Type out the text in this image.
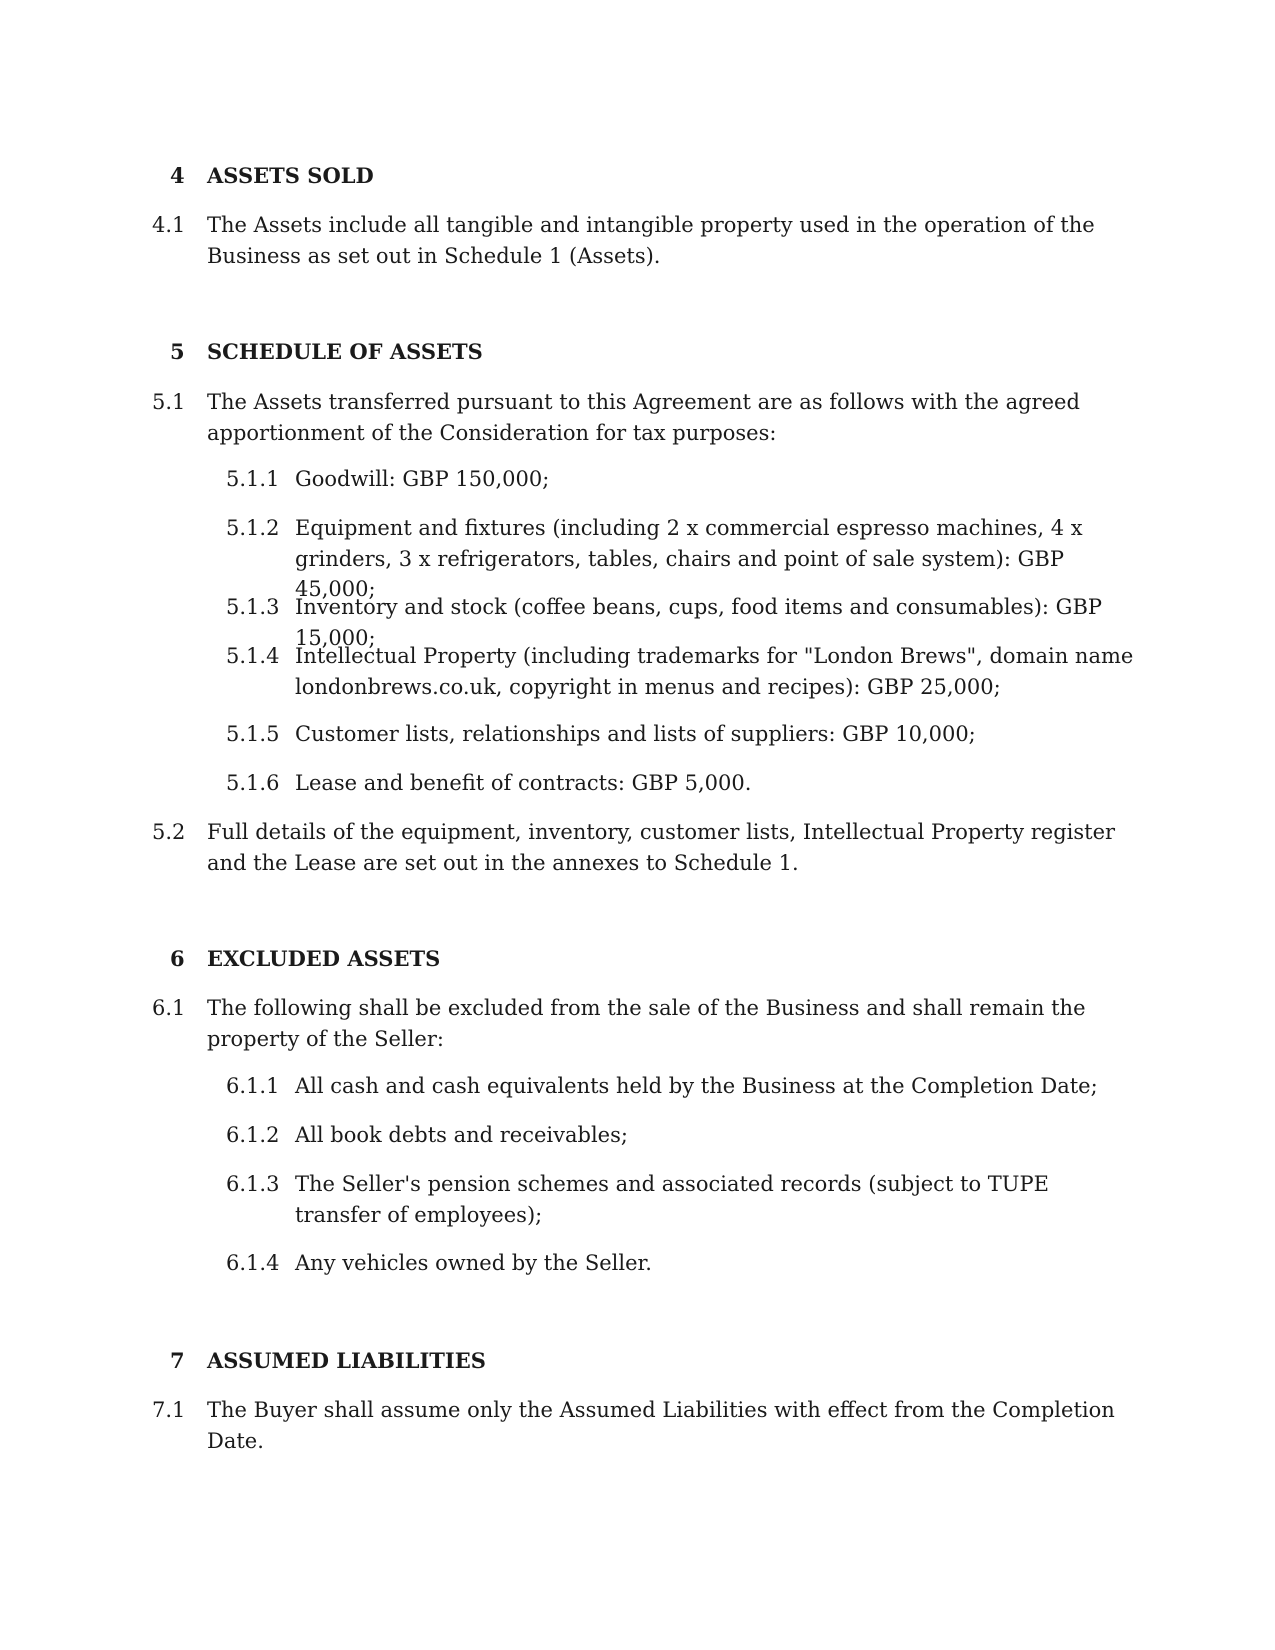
4 ASSETS SOLD
4.1 The Assets include all tangible and intangible property used in the operation of the Business as set out in Schedule 1 (Assets).
5 SCHEDULE OF ASSETS
5.1 The Assets transferred pursuant to this Agreement are as follows with the agreed apportionment of the Consideration for tax purposes:
5.1.1 Goodwill: GBP 150,000;
5.1.2 Equipment and fixtures (including 2 x commercial espresso machines, 4 x grinders, 3 x refrigerators, tables, chairs and point of sale system): GBP 45,000;
5.1.3 Inventory and stock (coffee beans, cups, food items and consumables): GBP 15,000;
5.1.4 Intellectual Property (including trademarks for "London Brews", domain name londonbrews.co.uk, copyright in menus and recipes): GBP 25,000;
5.1.5 Customer lists, relationships and lists of suppliers: GBP 10,000;
5.1.6 Lease and benefit of contracts: GBP 5,000.
5.2 Full details of the equipment, inventory, customer lists, Intellectual Property register and the Lease are set out in the annexes to Schedule 1.
6 EXCLUDED ASSETS
6.1 The following shall be excluded from the sale of the Business and shall remain the property of the Seller:
6.1.1 All cash and cash equivalents held by the Business at the Completion Date;
6.1.2 All book debts and receivables;
6.1.3 The Seller's pension schemes and associated records (subject to TUPE transfer of employees);
6.1.4 Any vehicles owned by the Seller.
7 ASSUMED LIABILITIES
7.1 The Buyer shall assume only the Assumed Liabilities with effect from the Completion Date.
